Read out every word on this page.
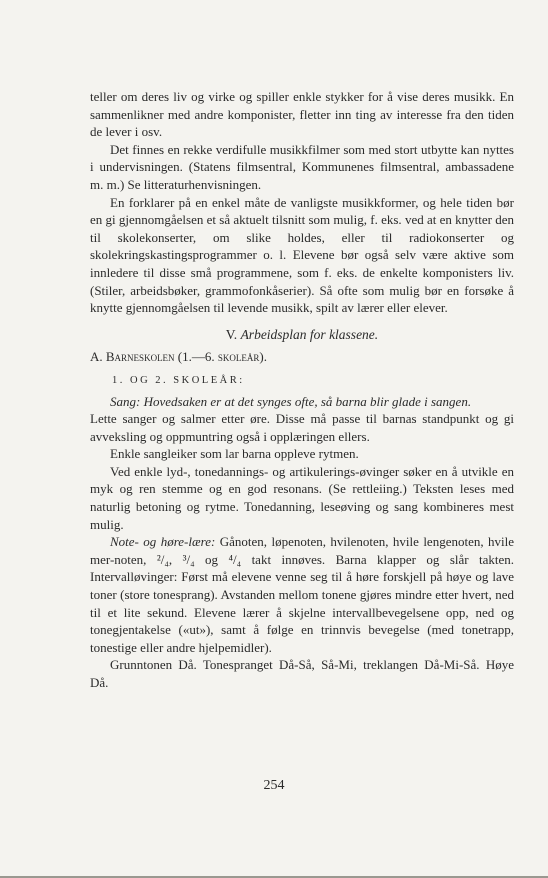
teller om deres liv og virke og spiller enkle stykker for å vise deres musikk. En sammenlikner med andre komponister, fletter inn ting av interesse fra den tiden de lever i osv.

Det finnes en rekke verdifulle musikkfilmer som med stort utbytte kan nyttes i undervisningen. (Statens filmsentral, Kommunenes filmsentral, ambassadene m. m.) Se litteraturhenvisningen.

En forklarer på en enkel måte de vanligste musikkformer, og hele tiden bør en gi gjennomgåelsen et så aktuelt tilsnitt som mulig, f. eks. ved at en knytter den til skolekonserter, om slike holdes, eller til radiokonserter og skolekringskastingsprogrammer o. l. Elevene bør også selv være aktive som innledere til disse små programmene, som f. eks. de enkelte komponisters liv. (Stiler, arbeidsbøker, grammofonkåserier). Så ofte som mulig bør en forsøke å knytte gjennomgåelsen til levende musikk, spilt av lærer eller elever.

V. Arbeidsplan for klassene.
A. Barneskolen (1.—6. skoleår).
1. OG 2. SKOLEÅR:

Sang: Hovedsaken er at det synges ofte, så barna blir glade i sangen.

Lette sanger og salmer etter øre. Disse må passe til barnas standpunkt og gi avveksling og oppmuntring også i opplæringen ellers.

Enkle sangleiker som lar barna oppleve rytmen.

Ved enkle lyd-, tonedannings- og artikulerings-øvinger søker en å utvikle en myk og ren stemme og en god resonans. (Se rettleiing.) Teksten leses med naturlig betoning og rytme. Tonedanning, leseøving og sang kombineres mest mulig.

Note- og høre-lære: Gånoten, løpenoten, hvilenoten, hvile lengenoten, hvile mer-noten, ²/₄, ³/₄ og ⁴/₄ takt innøves. Barna klapper og slår takten. Intervalløvinger: Først må elevene venne seg til å høre forskjell på høye og lave toner (store tonesprang). Avstanden mellom tonene gjøres mindre etter hvert, ned til et lite sekund. Elevene lærer å skjelne intervallbevegelsene opp, ned og tonegjentakelse («ut»), samt å følge en trinnvis bevegelse (med tonetrapp, tonestige eller andre hjelpemidler).

Grunntonen Då. Tonespranget Då-Så, Så-Mi, treklangen Då-Mi-Så. Høye Då.

254
